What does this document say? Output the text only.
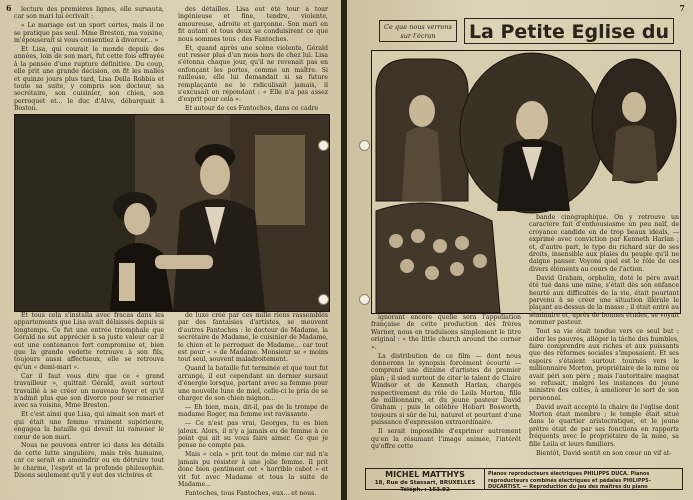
6	lecture des premières lignes, elle sursauta, car son mari lui écrivait :

« Le mariage est un sport certes, mais il ne se pratique pas seul. Mme Breston, ma voisine, m'épouserait si vous consentiez à divorcer... »

Et Lisa, qui courait le monde depuis des années, loin de son mari, fut cette fois effrayée à la pensée d'une rupture définitive. Du coup, elle prit une grande décision, on fit les malles et quinze jours plus tard, Lisa Della Robbia et toute sa suite, y compris son docteur, sa secrétaire, son cuisinier, son chien, son perroquet et... le duc d'Alve, débarquait à Boston.

des détailles. Lisa eut été tour à tour ingénieuse et fine, tendre, violente, amoureuse, adroite et garçonne. Son mari en fit autant et tous deux se conduisirent ce que nous sommes tous : des Fantoches.

Et, quand après une scène violente, Gérald eut resser plus d'un mois hors de chez lui. Lisa s'étonna chaque jour, qu'il ne revenait pas en enfonçant les portes, comme un maître. Si railleuse, elle lui demandait si sa future remplaçante ne le ridiculisait jamais, il s'excusait en répondant : « Elle n'a pas assez d'esprit pour cela ».

Et autour de ces Fantoches, dans ce cadre

Et tous cela s'installa avec fracas dans les appartements que Lisa avait délaissés depuis si longtemps. Ce fut une entrée triomphale que Gérald ne sut apprécier à sa juste valeur car il eut une contenance fort compromise et, bien que la grande vedette retrouve à son fils, toujours aussi affectueux, elle se retrouva qu'un « demi-mari ».

Car il faut vous dire que ce « grand travailleur », quittait Gérald, avait surtout travaillé à se créer un nouveau foyer et qu'il n'admit plus que son divorce pour se remarier avec sa voisine, Mme Breston.

Et c'est ainsi que Lisa, qui aimait son mari et qui était une femme vraiment supérieure, engagea la bataille qui devait lui ramener le cœur de son mari.

Nous ne pouvons entrer ici dans les détails de cette lutte singulière, mais très humaine, car ce serait en amoindrir ou en détruire tout le charme, l'esprit et la profonde philosophie. Disons seulement qu'il y eut des victoires et

de luxe créé par ces mille riens rassemblés par des fantaisies d'artistes, se meuvent d'autres Fantoches : le docteur de Madame, la secrétaire de Madame, le cuisinier de Madame, le chien et le perroquet de Madame... car tout est pour « » de Madame. Monsieur se « moins tout seul, souvent maladroitement.

Quand la bataille fut terminée et que tout fut arrangé, il eut cependant un dernier sursaut d'énergie lorsque, partant avec sa femme pour une nouvelle lune de miel, celle-ci le pria de se charger de son chien mignon...

— Eh bien, mais, dit-il, pas de la trompe de madame Roger, ma femme est ravissante.

— Ce n'est pas vrai, Georges, tu es bien jaloux. Alors, il n'y a jamais eu de femme à ce point qui ait su vous faire aimer. Ce que je pense ne compte pas.

Mais « cela » prit tout de même car nul n'a jamais pu résister à une jolie femme. Il prit donc bien gentiment cet « horrible cabot » et vit fut avec Madame et tous la suite de Madame...

Fantoches, tous Fantoches, eux... et nous.

7
Ce que nous verrons sur l'écran	La Petite Eglise du

ignorant encore quelle sera l'appellation française de cette production des frères Warner, nous en traduisons simplement le titre original : « the little church around the corner ».

La distribution de ce film — dont nous donnerons le synopsis forcément écourté — comprend une dizaine d'artistes de premier plan ; il sied surtout de citer le talent de Claire Windsor et de Kenneth Harlan, chargés respectivement du rôle de Leila Morton, fille de millionnaire, et du jeune pasteur David Graham ; puis le célèbre Hobart Bosworth, toujours si sûr de lui, naturel et pourtant d'une puissance d'expression extraordinaire.

Il serait impossible d'exprimer autrement qu'en la résumant l'image animée, l'intérêt qu'offre cette

bande cinégraphique. On y retrouve un caractère fait d'enthousiasme un peu naïf, de croyance candide en de trop beaux idéals, — exprimé avec conviction par Kenneth Harlan ; et, d'autre part, le type du richard sûr de ses droits, insensible aux plaies du peuple qu'il ne daigne panser. Voyons quel est le rôle de ces divers éléments au cours de l'action.

David Graham, orphelin, doté le père avait été tué dans une mine, s'était dès son enfance heurté aux difficultés de la vie, était pourtant parvenu à se créer une situation illérale le plaçant au-dessus de la masse ; il était entré au séminaire et, après de bonnes études, se voyait nommer pasteur.

Tout sa vie était tendue vers ce seul but : aider les pauvres, alléger la tâche des humbles, faire comprendre aux riches et aux puissants que des réformes sociales s'imposaient. Et ses espoirs s'étaient surtout tournés vers le millionnaire Morton, propriétaire de la mine où avait péri son père ; mais l'autoritaire magnat se refusait, malgré les instances du jeune ministre des cultes, à améliorer le sort de son personnel.

David avait accepté la chaire de l'église dont Morton était membre ; le temple était situé dans le quartier aristocratique, et le jeune prêtre était de par ses fonctions en rapports fréquents avec le propriétaire de la mine, sa fille Leila et leurs familiers.

Bientôt, David sentit en son cœur un vif at-

MICHEL MATTHYS
18, Rue de Stassart, BRUXELLES Téléph. : 153.92
Pianos reproducteurs électriques PHILIPPS DUCA. Pianos reproducteurs combinés électriques et pédales PHILIPPS-DUCARTIST. — Reproduction du jeu des maîtres du piano
